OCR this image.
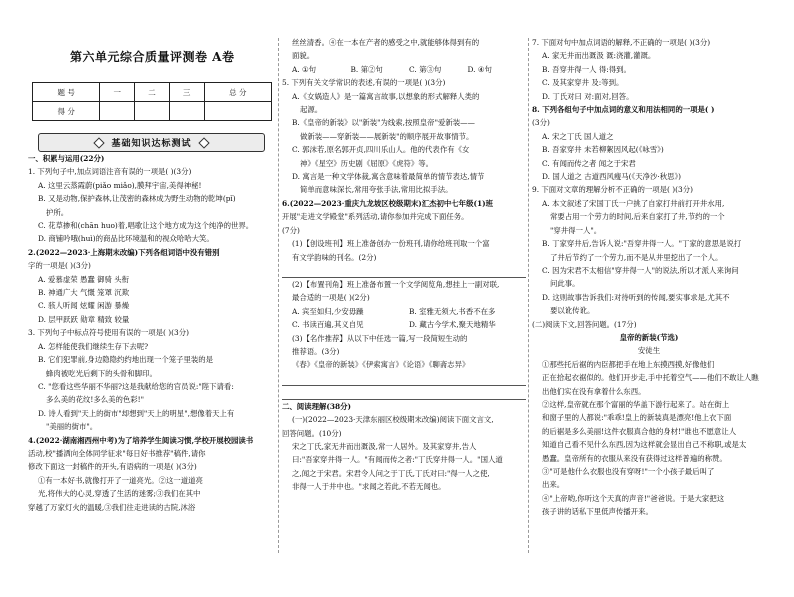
第六单元综合质量评测卷 A卷
题 号	一	二	三	总 分
得 分				
基础知识达标测试
一、积累与运用(22分)
1. 下列句子中,加点词语注音有误的一项是( )(3分)
A. 这里云蒸霞蔚(piǎo miǎo),膜拜宇宙,美得神秘!
B. 又是动物,保护森林,让茂密的森林成为野生动物的乾坤(pǐ)
护所。
C. 花草掺和(chān huo)着,唱歌让这个地方成为这个纯净的世界。
D. 商铺吟哦(huì)的商品比环境温和的视众哈哈大笑。
2.(2022—2023·上海期末改编)下列各组词语中没有错别
字的一项是( )(3分)
A. 爱慕虚荣 愚蠢 御骑 头衔
B. 神通广大 气慨 笼罩 沉欺
C. 骇人听闻 炫耀 闲游 暴燥
D. 层甲跃跃 勋章 精致 较量
3. 下列句子中标点符号使用有误的一项是( )(3分)
A. 怎样能使我们继续生存下去呢?
B. 它们犯罪前,身边隐隐约约地出现一个笼子里装的是
蜂肉被吃光后剩下的头骨和脚印。
C. "您看这些华丽不华丽?这是我献给您的官员说:"陛下请看:
多么美的花纹!多么美的色彩!"
D. 诗人看到"天上的街市"却想到"天上的明星",想像着天上有
"美丽的街市"。
4.(2022·湖南湘西州中考)为了培养学生阅读习惯,学校开展校园读书
活动,校"播洒向全体同学征求"每日好书推荐"稿件,请你
修改下面这一封稿件的开头,有语病的一项是( )(3分)
①有一本好书,就像打开了一道亮光。②这一道道亮
光,将伟大的心灵,穿透了生活的迷雾;③我们在其中
穿越了万家灯火的温暖,③我们往走进读的古院,沐浴
丝丝清香。④在一本在产者的感受之中,就能够体得到有的
面貌。
A. ①句	B. 第②句	C. 第③句	D. ④句
5. 下列有关文学常识的表述,有误的一项是( )(3分)
A.《女娲造人》是一篇寓言故事,以想象的形式解释人类的
起源。
B.《皇帝的新装》以"新装"为线索,按照皇帝"爱新装——
做新装——穿新装——展新装"的顺序展开故事情节。
C. 郭沫若,原名郭开贞,四川乐山人。他的代表作有《女
神》《星空》历史剧《屈原》《虎符》等。
D. 寓言是一种文学体裁,寓含意味着最简单的情节表达,情节
简单而意味深长,常用夸张手法,常用比拟手法。
6.(2022—2023·重庆九龙坡区校级期末)汇杰初中七年级(1)班
开展"走进文学殿堂"系列活动,请你参加并完成下面任务。
(7分)
(1)【创设班刊】班上准备创办一份班刊,请你给班刊取一个富
有文学韵味的刊名。(2分)
(2)【布置刊角】班上准备布置一个文学阅览角,想挂上一副对联,
最合适的一项是( )(2分)
A. 宾至如归,少安毋躁	B. 室雅无须大,书香不在多
C. 书读百遍,其义自见	D. 藏古今学术,聚天地精华
(3)【名作推荐】从以下中任选一篇,写一段简短生动的
推荐语。(3分)
《春》《皇帝的新装》《伊索寓言》《论语》《聊斋志异》
二、阅读理解(38分)
(一)(2022—2023·天津东丽区校级期末改编)阅读下面文言文,
回答问题。(10分)
宋之丁氏,家无井而出溉汲,常一人居外。及其家穿井,告人
曰:"吾家穿井得一人。"有闻而传之者:"丁氏穿井得一人。"国人道
之,闻之于宋君。宋君令人问之于丁氏,丁氏对曰:"得一人之使,
非得一人于井中也。"求闻之若此,不若无闻也。
7. 下面对句中加点词语的解释,不正确的一项是( )(3分)
A. 家无井而出溉汲 溉:浇灌,灌溉。
B. 吾穿井得一人 得:得到。
C. 及其家穿井 及:等到。
D. 丁氏对曰 对:面对,回答。
8. 下列各组句子中加点词的意义和用法相同的一项是( )
(3分)
A. 宋之丁氏 国人道之
B. 吾家穿井 未若柳絮因风起(《咏雪》)
C. 有闻而传之者 闻之于宋君
D. 国人道之 古道西风瘦马(《天净沙·秋思》)
9. 下面对文章的理解分析不正确的一项是( )(3分)
A. 本文叙述了宋国丁氏一户挑了自家打井前打开井水用,
常要占用一个劳力的时间,后来自家打了井,节约的一个
"穿井得一人"。
B. 丁家穿井后,告诉人说:"吾穿井得一人。"丁家的意思是说打
了井后节约了一个劳力,而不是从井里挖出了一个人。
C. 因为宋君不太相信"穿井得一人"的说法,所以才派人来询问
问此事。
D. 这则故事告诉我们:对待听到的传闻,要实事求是,尤其不
要以讹传讹。
(二)阅读下文,回答问题。(17分)
皇帝的新装(节选)
安徒生
①那些托后裾的内臣都把手在地上东摸西摸,好像他们
正在拾起衣裾似的。他们开步走,手中托着空气——他们不敢让人瞧
出他们实在没有拿着什么东西。
②这样,皇帝就在那个富丽的华盖下游行起来了。站在街上
和窗子里的人都说:"乖乖!皇上的新装真是漂亮!他上衣下面
的后裾是多么美丽!这件衣服真合他的身材!"谁也不愿意让人
知道自己看不见什么东西,因为这样就会显出自己不称职,或是太
愚蠢。皇帝所有的衣服从来没有获得过这样普遍的称赞。
③"可是他什么衣服也没有穿呀!"一个小孩子最后叫了
出来。
④"上帝哟,你听这个天真的声音!"爸爸说。于是大家把这
孩子讲的话私下里低声传播开来。
